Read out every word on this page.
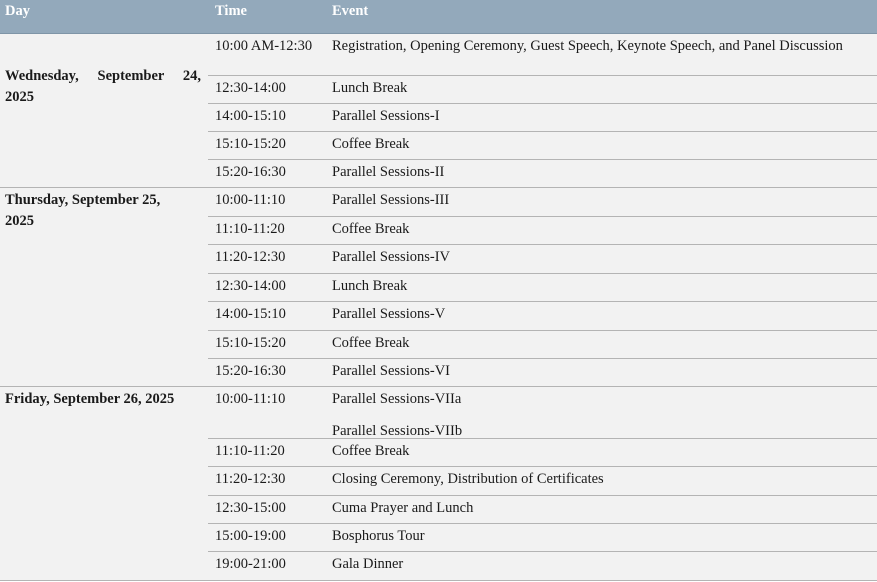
Day	Time	Event
Wednesday, September 24, 2025
10:00 AM-12:30	Registration, Opening Ceremony, Guest Speech, Keynote Speech, and Panel Discussion
12:30-14:00	Lunch Break
14:00-15:10	Parallel Sessions-I
15:10-15:20	Coffee Break
15:20-16:30	Parallel Sessions-II
Thursday, September 25, 2025
10:00-11:10	Parallel Sessions-III
11:10-11:20	Coffee Break
11:20-12:30	Parallel Sessions-IV
12:30-14:00	Lunch Break
14:00-15:10	Parallel Sessions-V
15:10-15:20	Coffee Break
15:20-16:30	Parallel Sessions-VI
Friday, September 26, 2025	10:00-11:10	Parallel Sessions-VIIa
Parallel Sessions-VIIb
11:10-11:20	Coffee Break
11:20-12:30	Closing Ceremony, Distribution of Certificates
12:30-15:00	Cuma Prayer and Lunch
15:00-19:00	Bosphorus Tour
19:00-21:00	Gala Dinner
